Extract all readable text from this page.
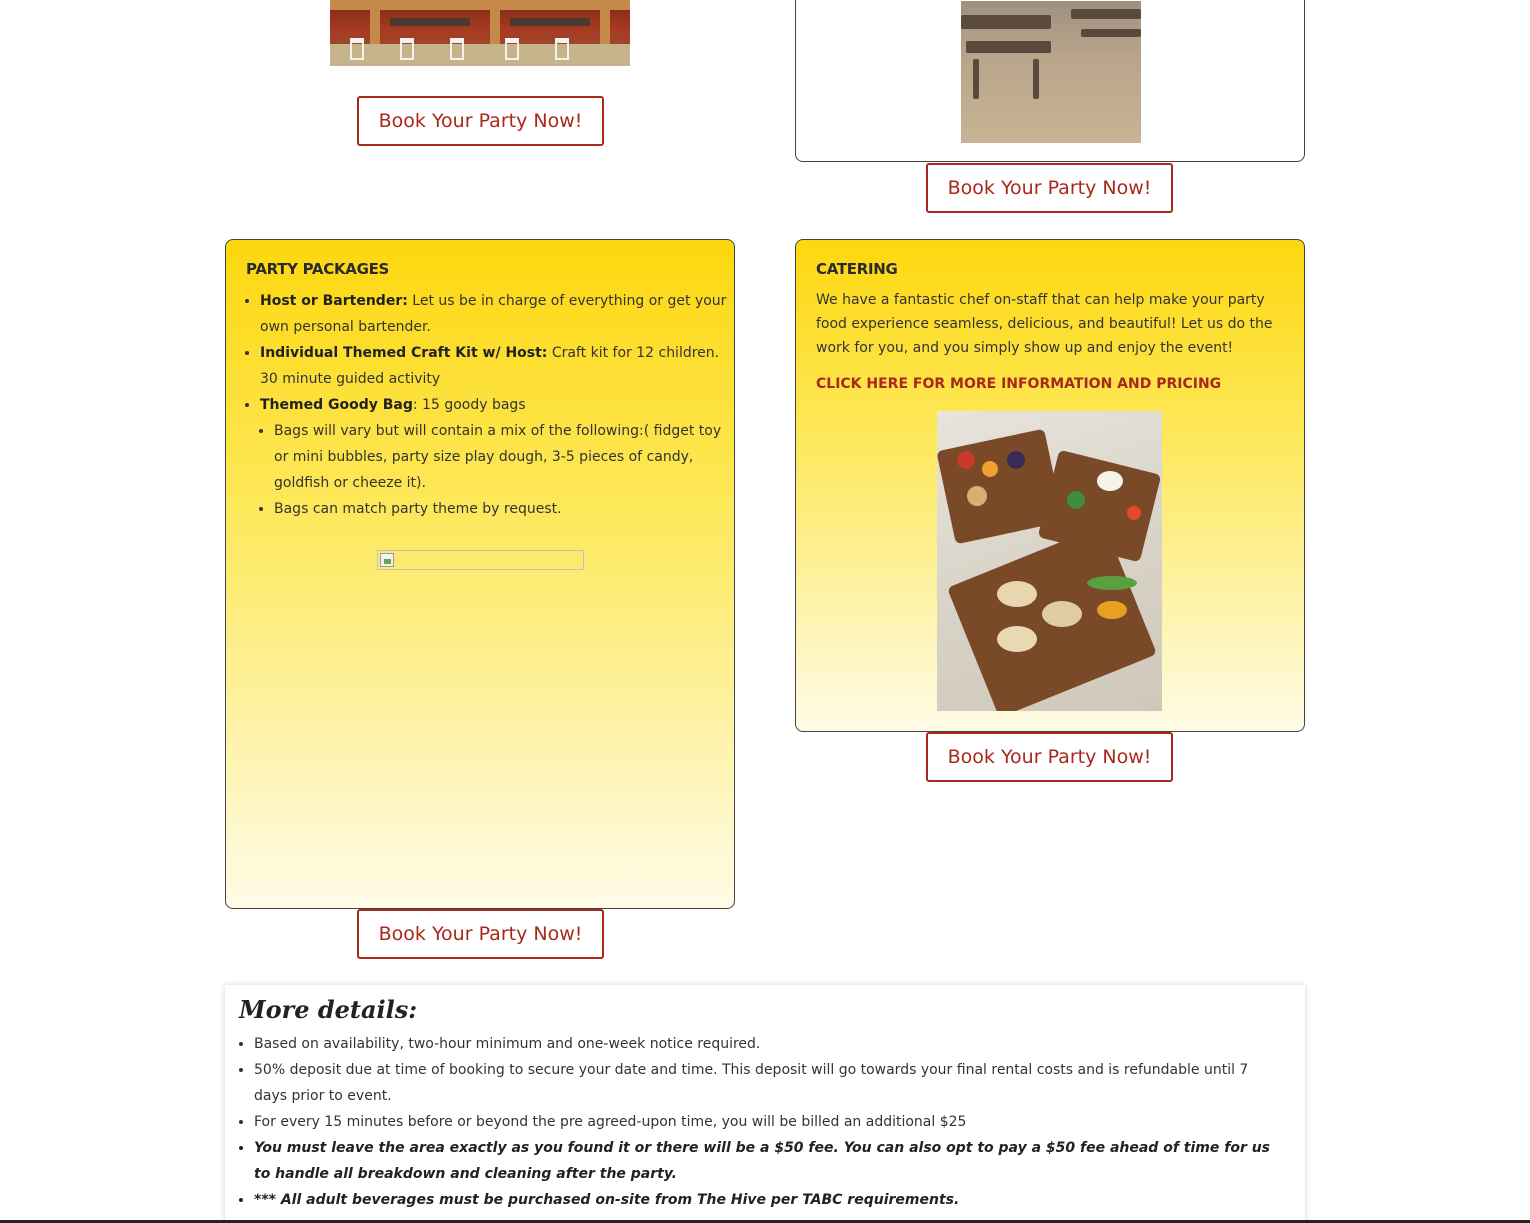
Book Your Party Now!
Book Your Party Now!
PARTY PACKAGES
• Host or Bartender: Let us be in charge of everything or get your own personal bartender.
• Individual Themed Craft Kit w/ Host: Craft kit for 12 children. 30 minute guided activity
• Themed Goody Bag: 15 goody bags
• Bags will vary but will contain a mix of the following:( fidget toy or mini bubbles, party size play dough, 3-5 pieces of candy, goldfish or cheeze it).
• Bags can match party theme by request.
Book Your Party Now!
CATERING
We have a fantastic chef on-staff that can help make your party food experience seamless, delicious, and beautiful! Let us do the work for you, and you simply show up and enjoy the event!
CLICK HERE FOR MORE INFORMATION AND PRICING
Book Your Party Now!
More details:
• Based on availability, two-hour minimum and one-week notice required.
• 50% deposit due at time of booking to secure your date and time. This deposit will go towards your final rental costs and is refundable until 7 days prior to event.
• For every 15 minutes before or beyond the pre agreed-upon time, you will be billed an additional $25
• You must leave the area exactly as you found it or there will be a $50 fee. You can also opt to pay a $50 fee ahead of time for us to handle all breakdown and cleaning after the party.
• *** All adult beverages must be purchased on-site from The Hive per TABC requirements.
